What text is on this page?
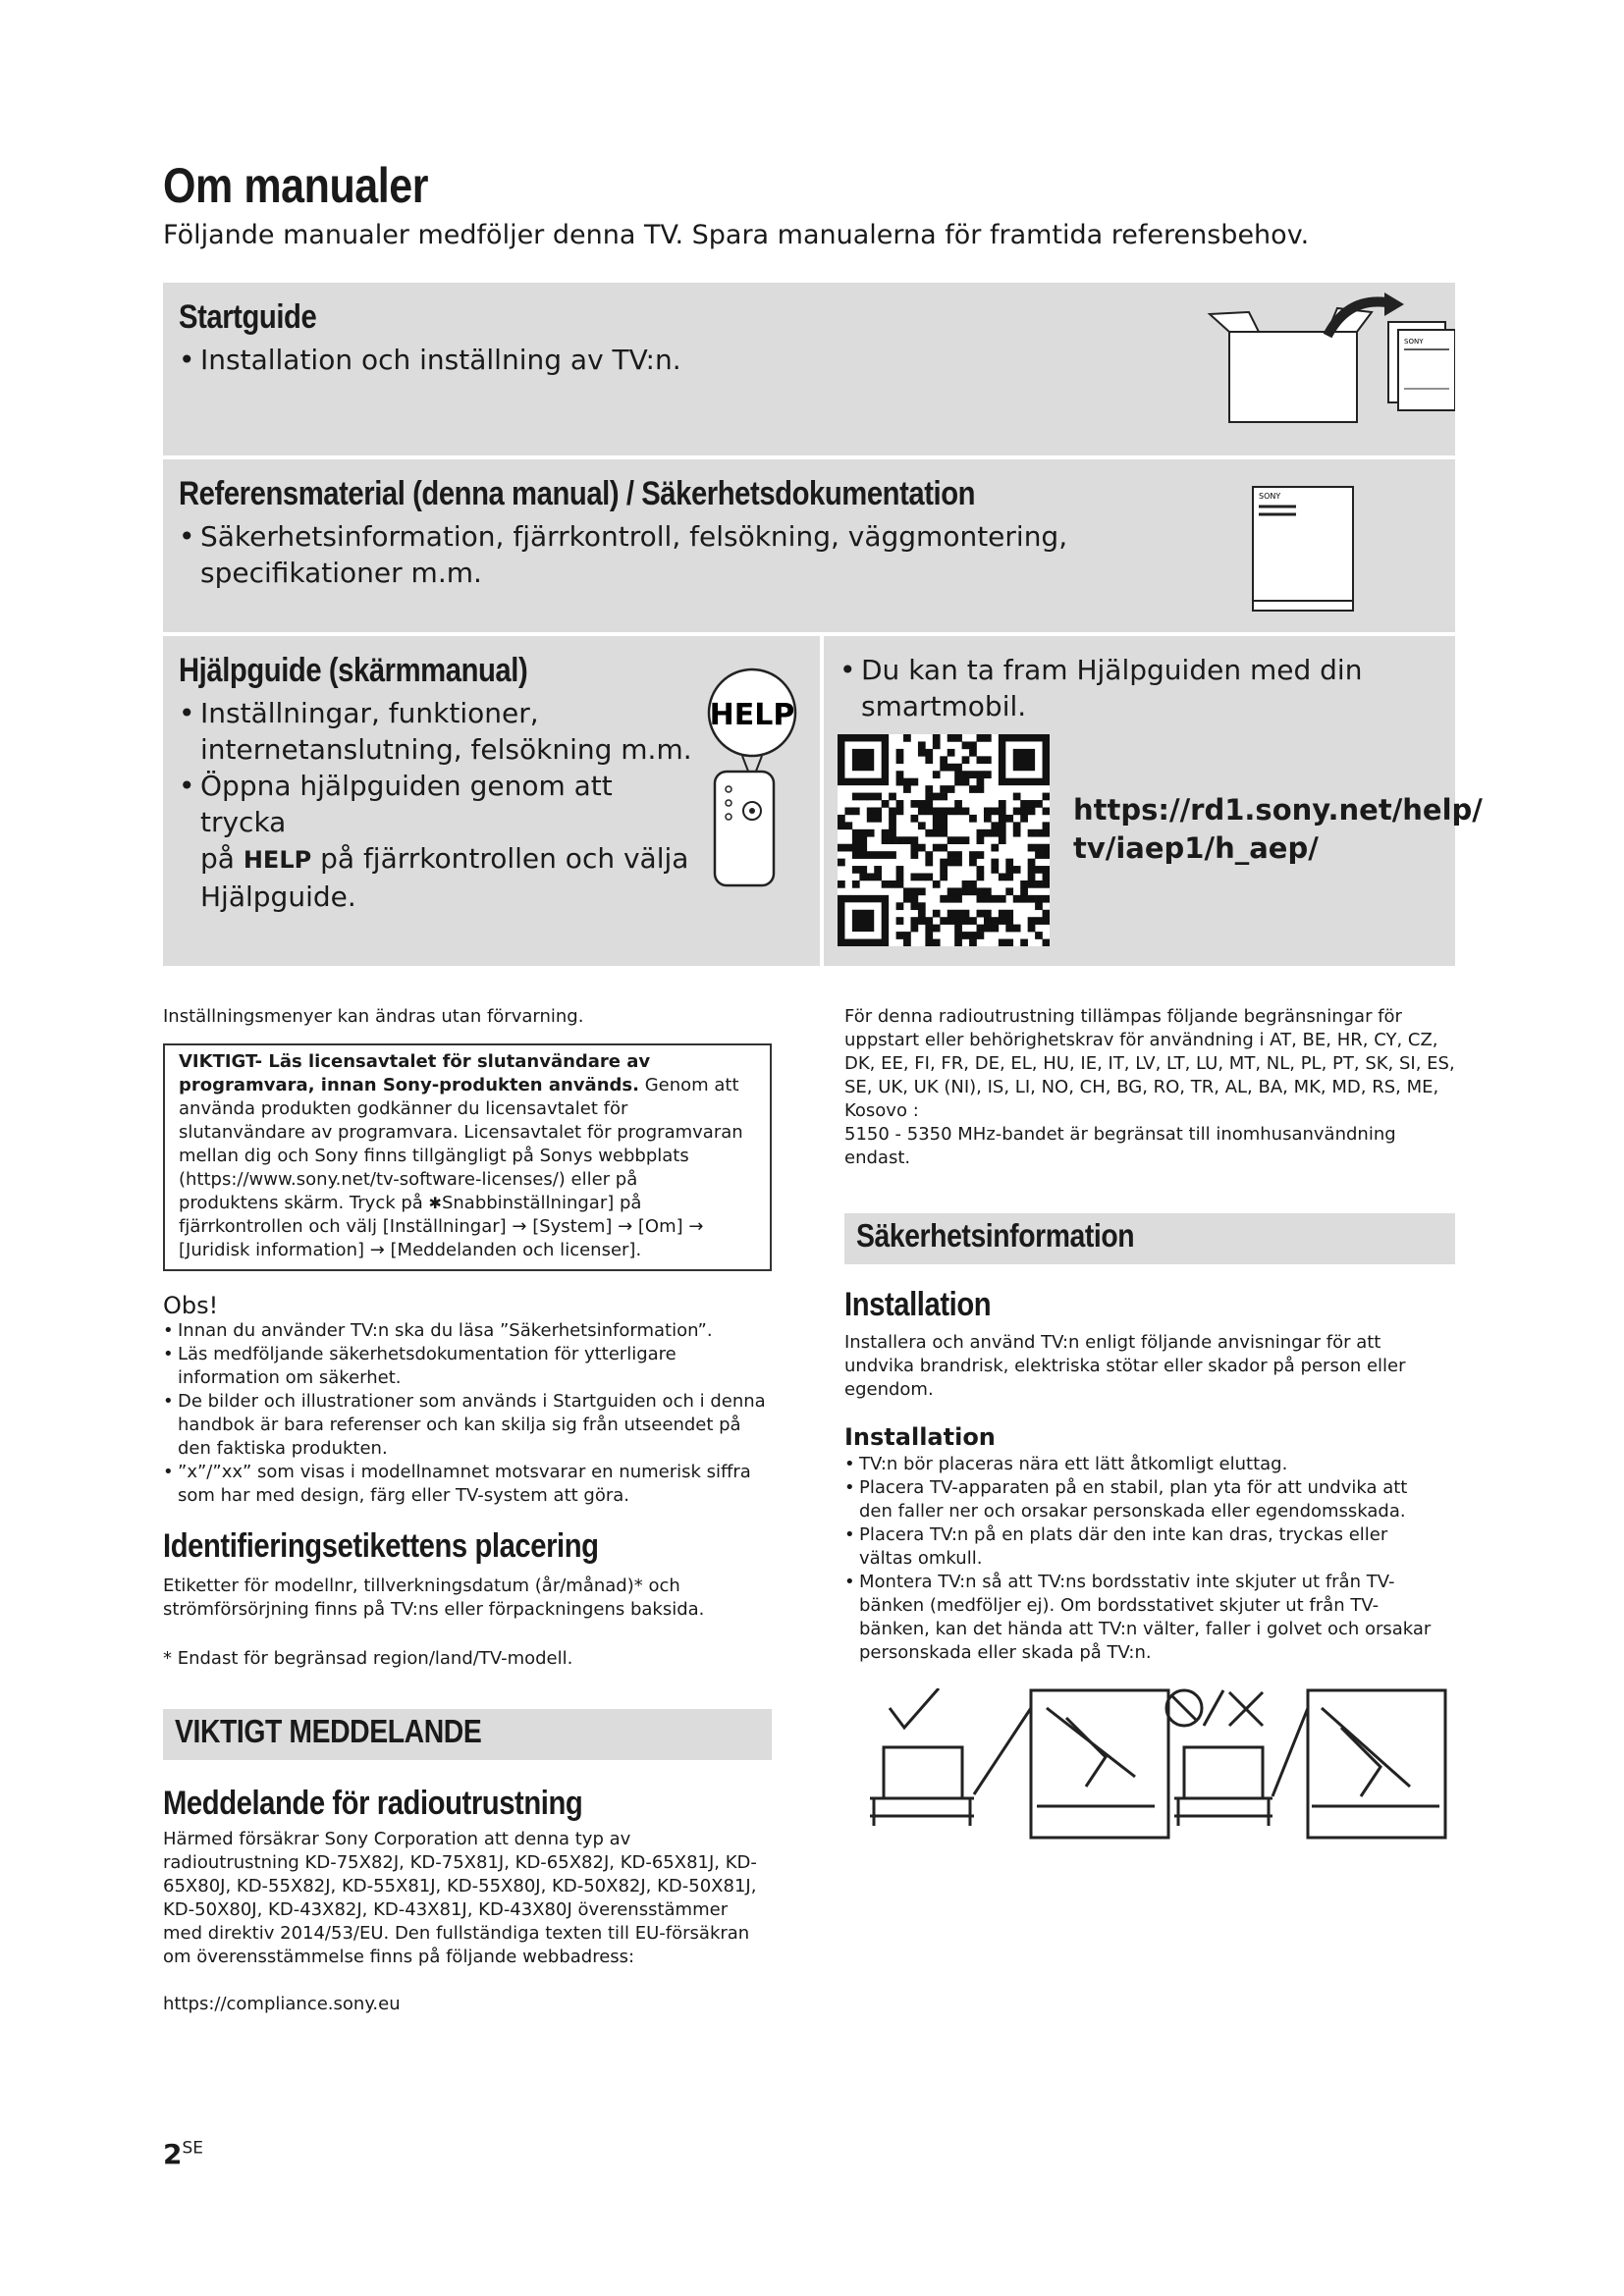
Om manualer
Följande manualer medföljer denna TV. Spara manualerna för framtida referensbehov.
Startguide
• Installation och inställning av TV:n.
SONY
Referensmaterial (denna manual) / Säkerhetsdokumentation
• Säkerhetsinformation, fjärrkontroll, felsökning, väggmontering,
specifikationer m.m.
SONY
Hjälpguide (skärmmanual)
• Inställningar, funktioner,
internetanslutning, felsökning m.m.
• Öppna hjälpguiden genom att trycka
på HELP på fjärrkontrollen och välja
Hjälpguide.
HELP
• Du kan ta fram Hjälpguiden med din
smartmobil.
https://rd1.sony.net/help/
tv/iaep1/h_aep/
Inställningsmenyer kan ändras utan förvarning.
VIKTIGT- Läs licensavtalet för slutanvändare av
programvara, innan Sony-produkten används. Genom att
använda produkten godkänner du licensavtalet för
slutanvändare av programvara. Licensavtalet för programvaran
mellan dig och Sony finns tillgängligt på Sonys webbplats
(https://www.sony.net/tv-software-licenses/) eller på
produktens skärm. Tryck på ✱Snabbinställningar] på
fjärrkontrollen och välj [Inställningar] → [System] → [Om] →
[Juridisk information] → [Meddelanden och licenser].
Obs!
• Innan du använder TV:n ska du läsa ”Säkerhetsinformation”.
• Läs medföljande säkerhetsdokumentation för ytterligare information om säkerhet.
• De bilder och illustrationer som används i Startguiden och i denna handbok är bara referenser och kan skilja sig från utseendet på den faktiska produkten.
• ”x”/”xx” som visas i modellnamnet motsvarar en numerisk siffra som har med design, färg eller TV-system att göra.
Identifieringsetikettens placering
Etiketter för modellnr, tillverkningsdatum (år/månad)* och strömförsörjning finns på TV:ns eller förpackningens baksida.
* Endast för begränsad region/land/TV-modell.
VIKTIGT MEDDELANDE
Meddelande för radioutrustning
Härmed försäkrar Sony Corporation att denna typ av radioutrustning KD-75X82J, KD-75X81J, KD-65X82J, KD-65X81J, KD-65X80J, KD-55X82J, KD-55X81J, KD-55X80J, KD-50X82J, KD-50X81J, KD-50X80J, KD-43X82J, KD-43X81J, KD-43X80J överensstämmer med direktiv 2014/53/EU. Den fullständiga texten till EU-försäkran om överensstämmelse finns på följande webbadress:
https://compliance.sony.eu
För denna radioutrustning tillämpas följande begränsningar för uppstart eller behörighetskrav för användning i AT, BE, HR, CY, CZ, DK, EE, FI, FR, DE, EL, HU, IE, IT, LV, LT, LU, MT, NL, PL, PT, SK, SI, ES, SE, UK, UK (NI), IS, LI, NO, CH, BG, RO, TR, AL, BA, MK, MD, RS, ME, Kosovo :
5150 - 5350 MHz-bandet är begränsat till inomhusanvändning endast.
Säkerhetsinformation
Installation
Installera och använd TV:n enligt följande anvisningar för att undvika brandrisk, elektriska stötar eller skador på person eller egendom.
Installation
• TV:n bör placeras nära ett lätt åtkomligt eluttag.
• Placera TV-apparaten på en stabil, plan yta för att undvika att den faller ner och orsakar personskada eller egendomsskada.
• Placera TV:n på en plats där den inte kan dras, tryckas eller vältas omkull.
• Montera TV:n så att TV:ns bordsstativ inte skjuter ut från TV-bänken (medföljer ej). Om bordsstativet skjuter ut från TV-bänken, kan det hända att TV:n välter, faller i golvet och orsakar personskada eller skada på TV:n.
$2^{SE}$
